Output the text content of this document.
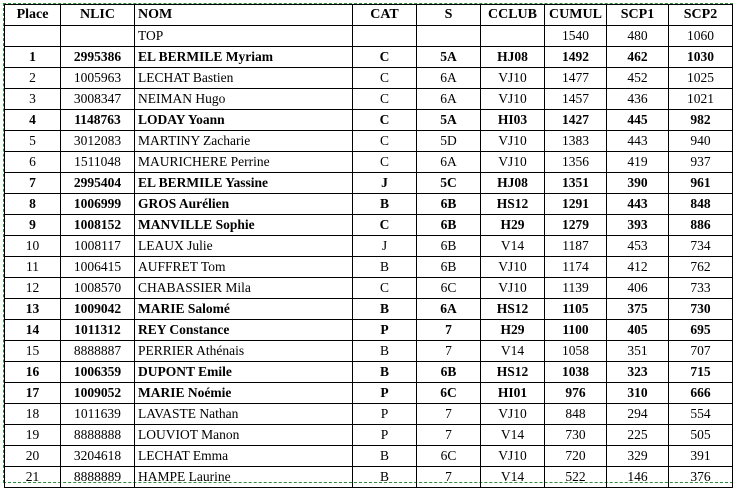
Place	NLIC	NOM	CAT	S	CCLUB	CUMUL	SCP1	SCP2
		TOP				1540	480	1060
1	2995386	EL BERMILE Myriam	C	5A	HJ08	1492	462	1030
2	1005963	LECHAT Bastien	C	6A	VJ10	1477	452	1025
3	3008347	NEIMAN Hugo	C	6A	VJ10	1457	436	1021
4	1148763	LODAY Yoann	C	5A	HI03	1427	445	982
5	3012083	MARTINY Zacharie	C	5D	VJ10	1383	443	940
6	1511048	MAURICHERE Perrine	C	6A	VJ10	1356	419	937
7	2995404	EL BERMILE Yassine	J	5C	HJ08	1351	390	961
8	1006999	GROS Aurélien	B	6B	HS12	1291	443	848
9	1008152	MANVILLE Sophie	C	6B	H29	1279	393	886
10	1008117	LEAUX Julie	J	6B	V14	1187	453	734
11	1006415	AUFFRET Tom	B	6B	VJ10	1174	412	762
12	1008570	CHABASSIER Mila	C	6C	VJ10	1139	406	733
13	1009042	MARIE Salomé	B	6A	HS12	1105	375	730
14	1011312	REY Constance	P	7	H29	1100	405	695
15	8888887	PERRIER Athénais	B	7	V14	1058	351	707
16	1006359	DUPONT Emile	B	6B	HS12	1038	323	715
17	1009052	MARIE Noémie	P	6C	HI01	976	310	666
18	1011639	LAVASTE Nathan	P	7	VJ10	848	294	554
19	8888888	LOUVIOT Manon	P	7	V14	730	225	505
20	3204618	LECHAT Emma	B	6C	VJ10	720	329	391
21	8888889	HAMPE Laurine	B	7	V14	522	146	376
